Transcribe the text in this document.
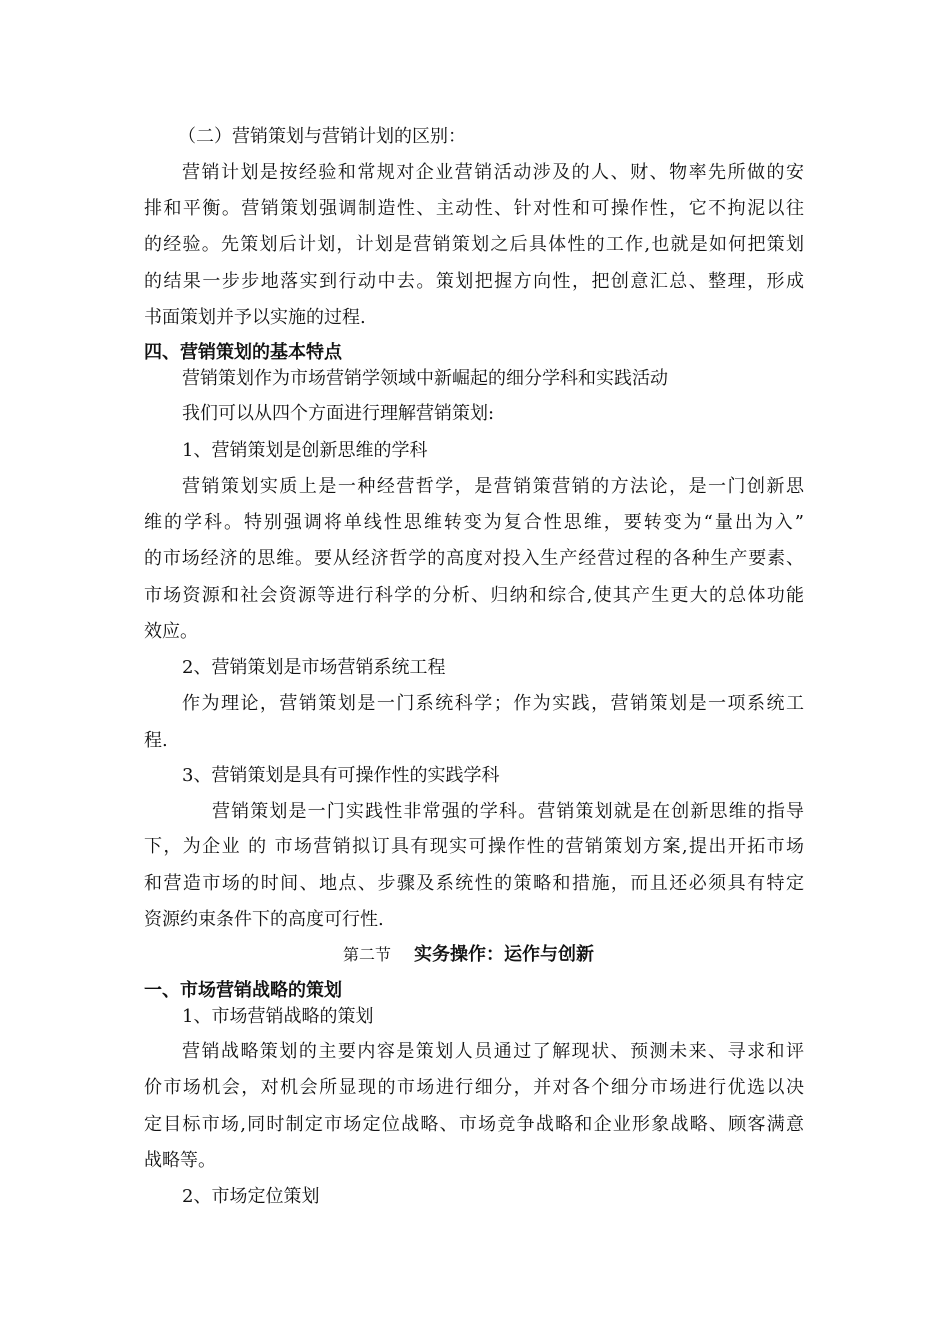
（二）营销策划与营销计划的区别：
营销计划是按经验和常规对企业营销活动涉及的人、财、物率先所做的安
排和平衡。营销策划强调制造性、主动性、针对性和可操作性，它不拘泥以往
的经验。先策划后计划，计划是营销策划之后具体性的工作,也就是如何把策划
的结果一步步地落实到行动中去。策划把握方向性，把创意汇总、整理，形成
书面策划并予以实施的过程.
四、营销策划的基本特点
营销策划作为市场营销学领域中新崛起的细分学科和实践活动
我们可以从四个方面进行理解营销策划:
1、营销策划是创新思维的学科
营销策划实质上是一种经营哲学，是营销策营销的方法论，是一门创新思
维的学科。特别强调将单线性思维转变为复合性思维，要转变为“量出为入”
的市场经济的思维。要从经济哲学的高度对投入生产经营过程的各种生产要素、
市场资源和社会资源等进行科学的分析、归纳和综合,使其产生更大的总体功能
效应。
2、营销策划是市场营销系统工程
作为理论，营销策划是一门系统科学；作为实践，营销策划是一项系统工
程.
3、营销策划是具有可操作性的实践学科
营销策划是一门实践性非常强的学科。营销策划就是在创新思维的指导
下，为企业 的 市场营销拟订具有现实可操作性的营销策划方案,提出开拓市场
和营造市场的时间、地点、步骤及系统性的策略和措施，而且还必须具有特定
资源约束条件下的高度可行性.
第二节 实务操作：运作与创新
一、市场营销战略的策划
1、市场营销战略的策划
营销战略策划的主要内容是策划人员通过了解现状、预测未来、寻求和评
价市场机会，对机会所显现的市场进行细分，并对各个细分市场进行优选以决
定目标市场,同时制定市场定位战略、市场竞争战略和企业形象战略、顾客满意
战略等。
2、市场定位策划
